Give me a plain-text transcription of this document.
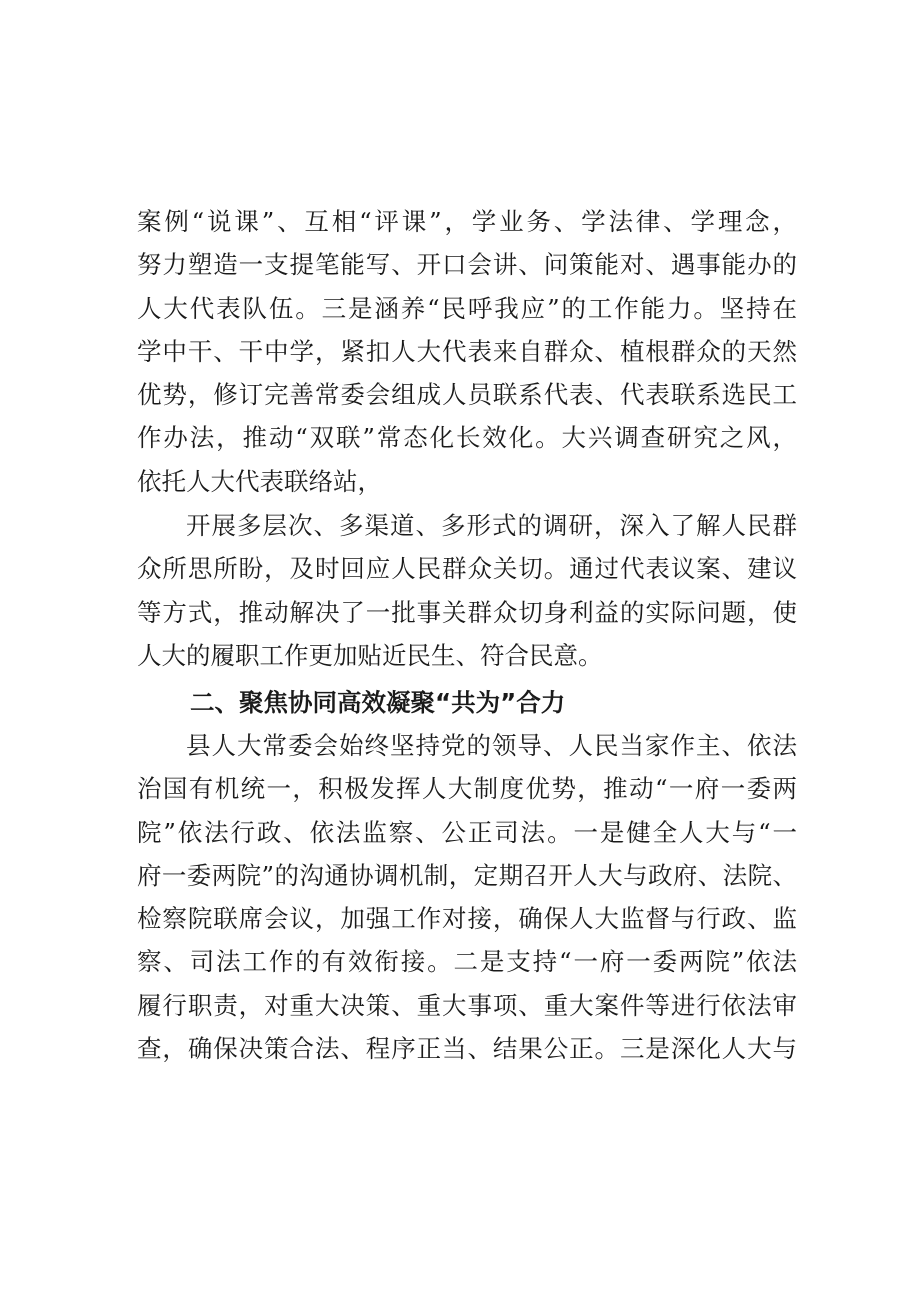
案例“说课”、互相“评课”，学业务、学法律、学理念，
努力塑造一支提笔能写、开口会讲、问策能对、遇事能办的
人大代表队伍。三是涵养“民呼我应”的工作能力。坚持在
学中干、干中学，紧扣人大代表来自群众、植根群众的天然
优势，修订完善常委会组成人员联系代表、代表联系选民工
作办法，推动“双联”常态化长效化。大兴调查研究之风，
依托人大代表联络站，
开展多层次、多渠道、多形式的调研，深入了解人民群
众所思所盼，及时回应人民群众关切。通过代表议案、建议
等方式，推动解决了一批事关群众切身利益的实际问题，使
人大的履职工作更加贴近民生、符合民意。
二、聚焦协同高效凝聚“共为”合力
县人大常委会始终坚持党的领导、人民当家作主、依法
治国有机统一，积极发挥人大制度优势，推动“一府一委两
院”依法行政、依法监察、公正司法。一是健全人大与“一
府一委两院”的沟通协调机制，定期召开人大与政府、法院、
检察院联席会议，加强工作对接，确保人大监督与行政、监
察、司法工作的有效衔接。二是支持“一府一委两院”依法
履行职责，对重大决策、重大事项、重大案件等进行依法审
查，确保决策合法、程序正当、结果公正。三是深化人大与
